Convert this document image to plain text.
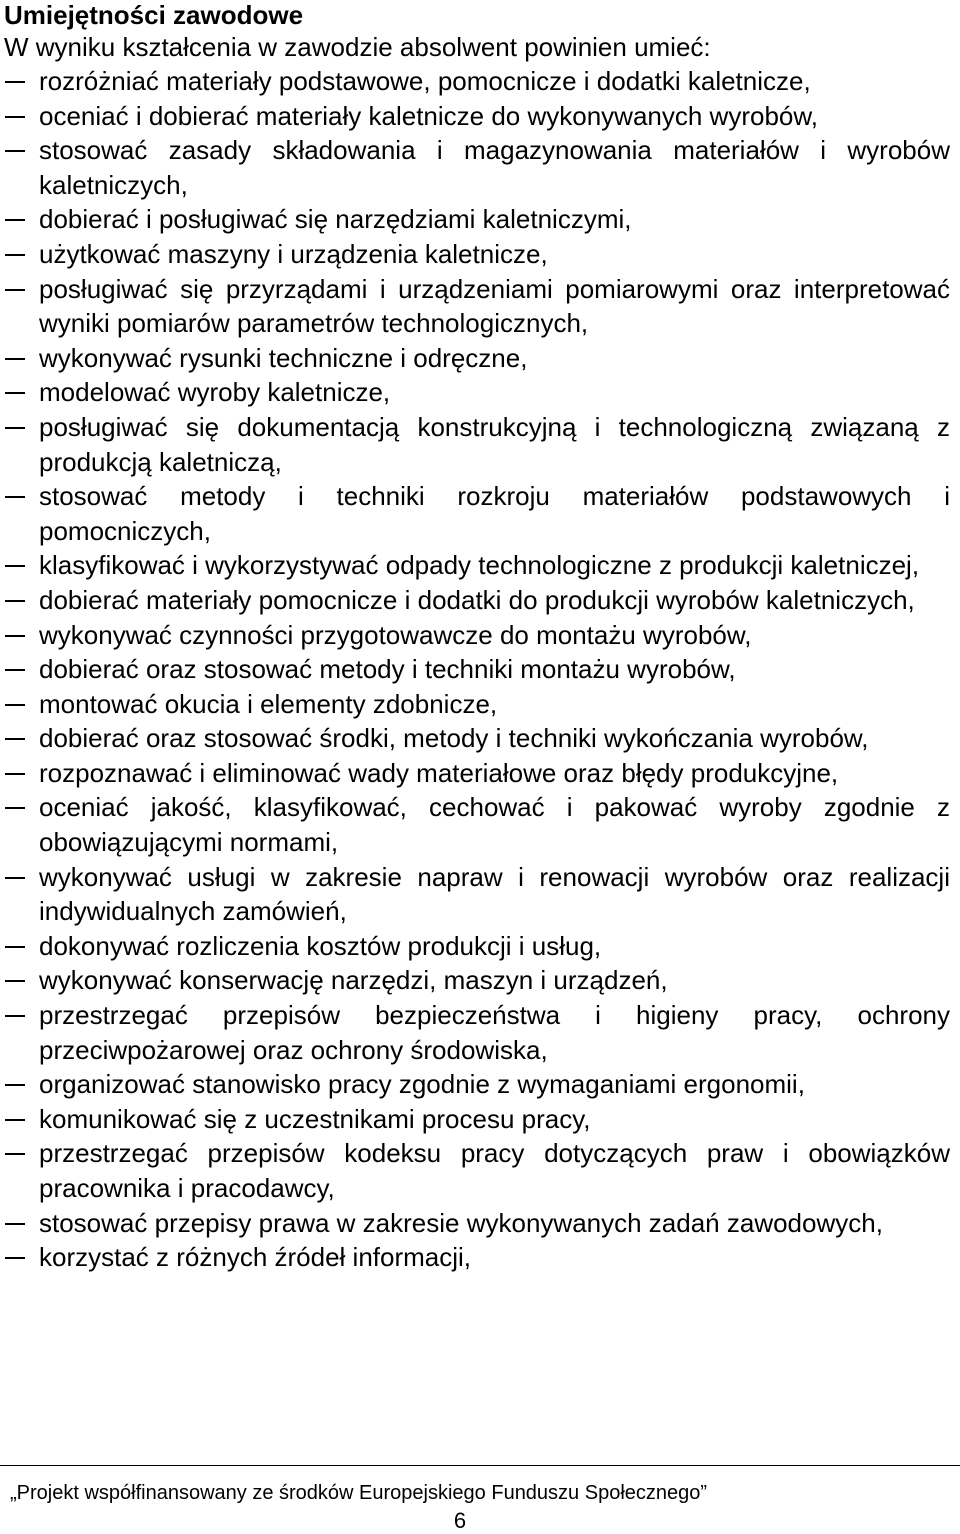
Umiejętności zawodowe

W wyniku kształcenia w zawodzie absolwent powinien umieć:

rozróżniać materiały podstawowe, pomocnicze i dodatki kaletnicze,
oceniać i dobierać materiały kaletnicze do wykonywanych wyrobów,
stosować zasady składowania i magazynowania materiałów i wyrobów kaletniczych,
dobierać i posługiwać się narzędziami kaletniczymi,
użytkować maszyny i urządzenia kaletnicze,
posługiwać się przyrządami i urządzeniami pomiarowymi oraz interpretować wyniki pomiarów parametrów technologicznych,
wykonywać rysunki techniczne i odręczne,
modelować wyroby kaletnicze,
posługiwać się dokumentacją konstrukcyjną i technologiczną związaną z produkcją kaletniczą,
stosować metody i techniki rozkroju materiałów podstawowych i pomocniczych,
klasyfikować i wykorzystywać odpady technologiczne z produkcji kaletniczej,
dobierać materiały pomocnicze i dodatki do produkcji wyrobów kaletniczych,
wykonywać czynności przygotowawcze do montażu wyrobów,
dobierać oraz stosować metody i techniki montażu wyrobów,
montować okucia i elementy zdobnicze,
dobierać oraz stosować środki, metody i techniki wykończania wyrobów,
rozpoznawać i eliminować wady materiałowe oraz błędy produkcyjne,
oceniać jakość, klasyfikować, cechować i pakować wyroby zgodnie z obowiązującymi normami,
wykonywać usługi w zakresie napraw i renowacji wyrobów oraz realizacji indywidualnych zamówień,
dokonywać rozliczenia kosztów produkcji i usług,
wykonywać konserwację narzędzi, maszyn i urządzeń,
przestrzegać przepisów bezpieczeństwa i higieny pracy, ochrony przeciwpożarowej oraz ochrony środowiska,
organizować stanowisko pracy zgodnie z wymaganiami ergonomii,
komunikować się z uczestnikami procesu pracy,
przestrzegać przepisów kodeksu pracy dotyczących praw i obowiązków pracownika i pracodawcy,
stosować przepisy prawa w zakresie wykonywanych zadań zawodowych,
korzystać z różnych źródeł informacji,
„Projekt współfinansowany ze środków Europejskiego Funduszu Społecznego”
6
